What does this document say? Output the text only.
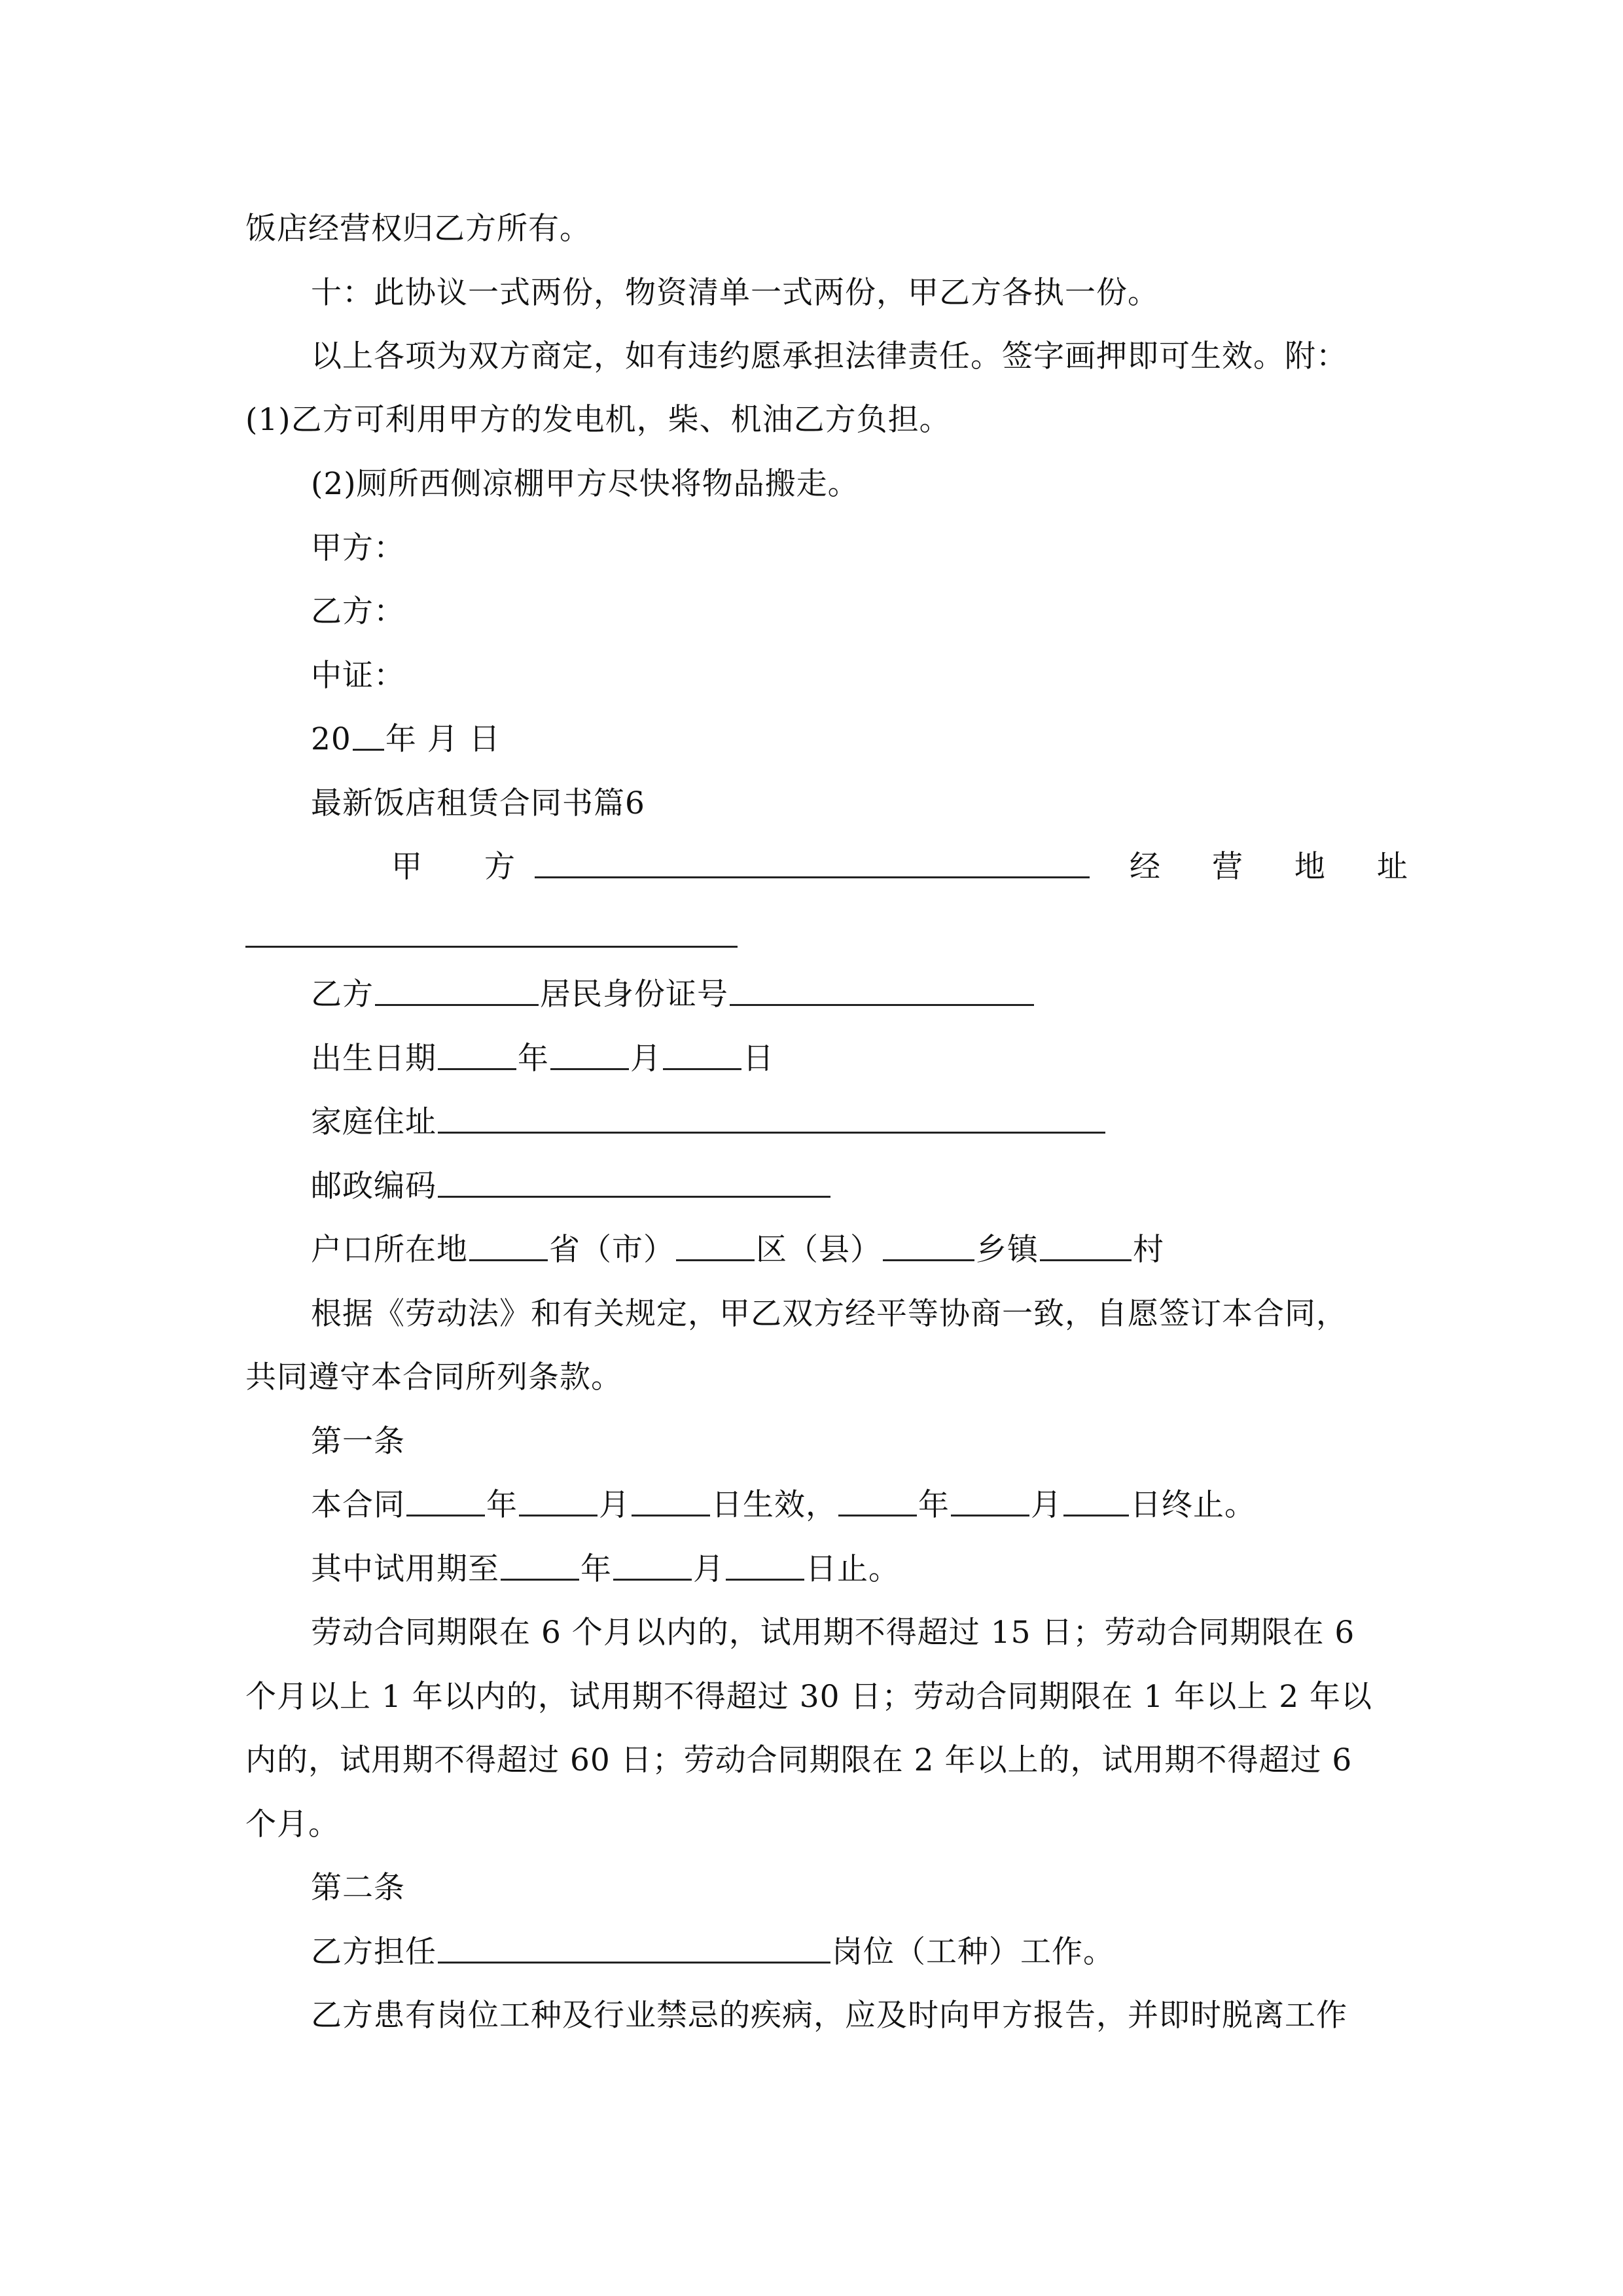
饭店经营权归乙方所有。
十：此协议一式两份，物资清单一式两份，甲乙方各执一份。
以上各项为双方商定，如有违约愿承担法律责任。签字画押即可生效。附：
(1)乙方可利用甲方的发电机，柴、机油乙方负担。
(2)厕所西侧凉棚甲方尽快将物品搬走。
甲方：
乙方：
中证：
20 年 月 日
最新饭店租赁合同书篇6
甲 方	经 营 地 址
乙方	居民身份证号
出生日期	年	月	日
家庭住址
邮政编码
户口所在地	省（市）	区（县）	乡镇	村
根据《劳动法》和有关规定，甲乙双方经平等协商一致，自愿签订本合同，
共同遵守本合同所列条款。
第一条
本合同	年	月	日生效，	年	月 日终止。
其中试用期至	年	月	日止。
劳动合同期限在 6 个月以内的，试用期不得超过 15 日；劳动合同期限在 6
个月以上 1 年以内的，试用期不得超过 30 日；劳动合同期限在 1 年以上 2 年以
内的，试用期不得超过 60 日；劳动合同期限在 2 年以上的，试用期不得超过 6
个月。
第二条
乙方担任	岗位（工种）工作。
乙方患有岗位工种及行业禁忌的疾病，应及时向甲方报告，并即时脱离工作
